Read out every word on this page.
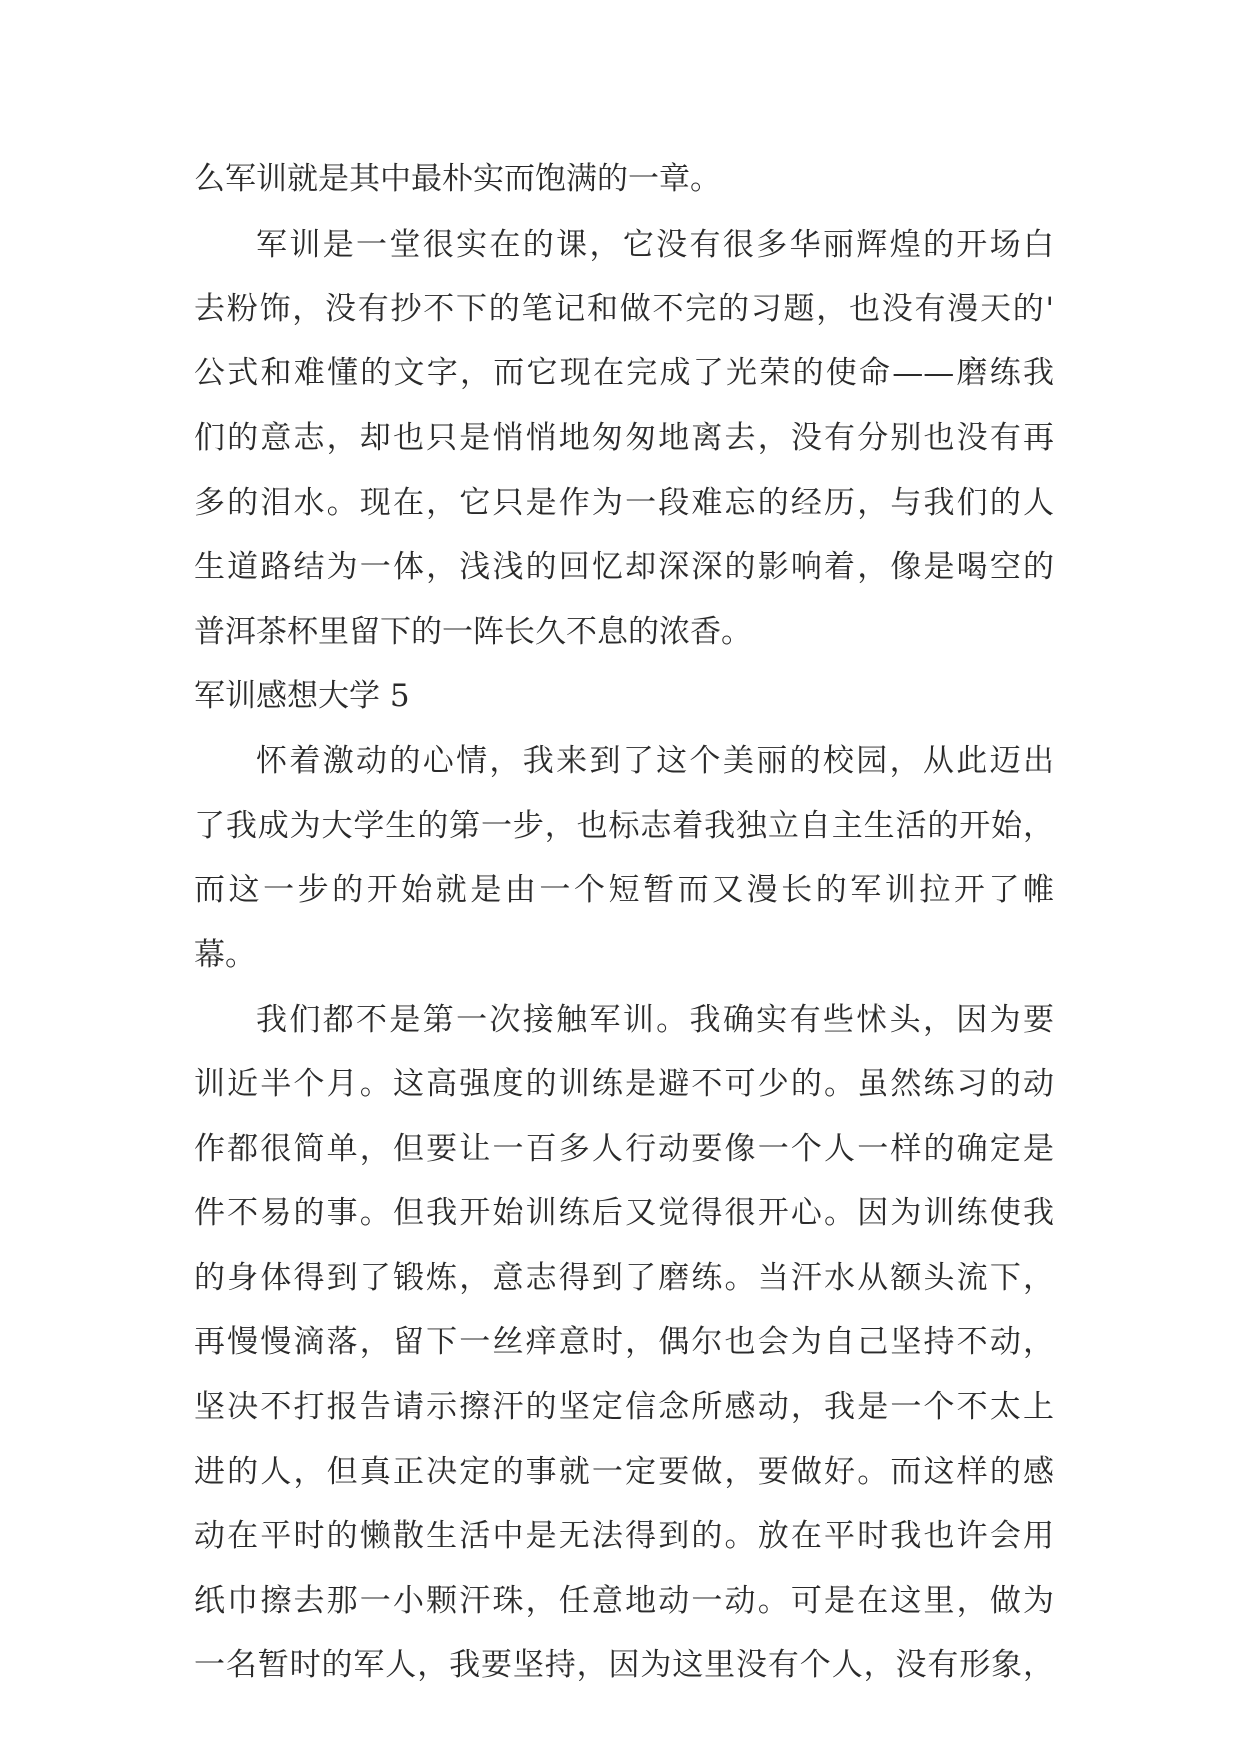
么军训就是其中最朴实而饱满的一章。
军训是一堂很实在的课，它没有很多华丽辉煌的开场白
去粉饰，没有抄不下的笔记和做不完的习题，也没有漫天的'
公式和难懂的文字，而它现在完成了光荣的使命——磨练我
们的意志，却也只是悄悄地匆匆地离去，没有分别也没有再
多的泪水。现在，它只是作为一段难忘的经历，与我们的人
生道路结为一体，浅浅的回忆却深深的影响着，像是喝空的
普洱茶杯里留下的一阵长久不息的浓香。
军训感想大学 5
怀着激动的心情，我来到了这个美丽的校园，从此迈出
了我成为大学生的第一步，也标志着我独立自主生活的开始，
而这一步的开始就是由一个短暂而又漫长的军训拉开了帷
幕。
我们都不是第一次接触军训。我确实有些怵头，因为要
训近半个月。这高强度的训练是避不可少的。虽然练习的动
作都很简单，但要让一百多人行动要像一个人一样的确定是
件不易的事。但我开始训练后又觉得很开心。因为训练使我
的身体得到了锻炼，意志得到了磨练。当汗水从额头流下，
再慢慢滴落，留下一丝痒意时，偶尔也会为自己坚持不动，
坚决不打报告请示擦汗的坚定信念所感动，我是一个不太上
进的人，但真正决定的事就一定要做，要做好。而这样的感
动在平时的懒散生活中是无法得到的。放在平时我也许会用
纸巾擦去那一小颗汗珠，任意地动一动。可是在这里，做为
一名暂时的军人，我要坚持，因为这里没有个人，没有形象，
